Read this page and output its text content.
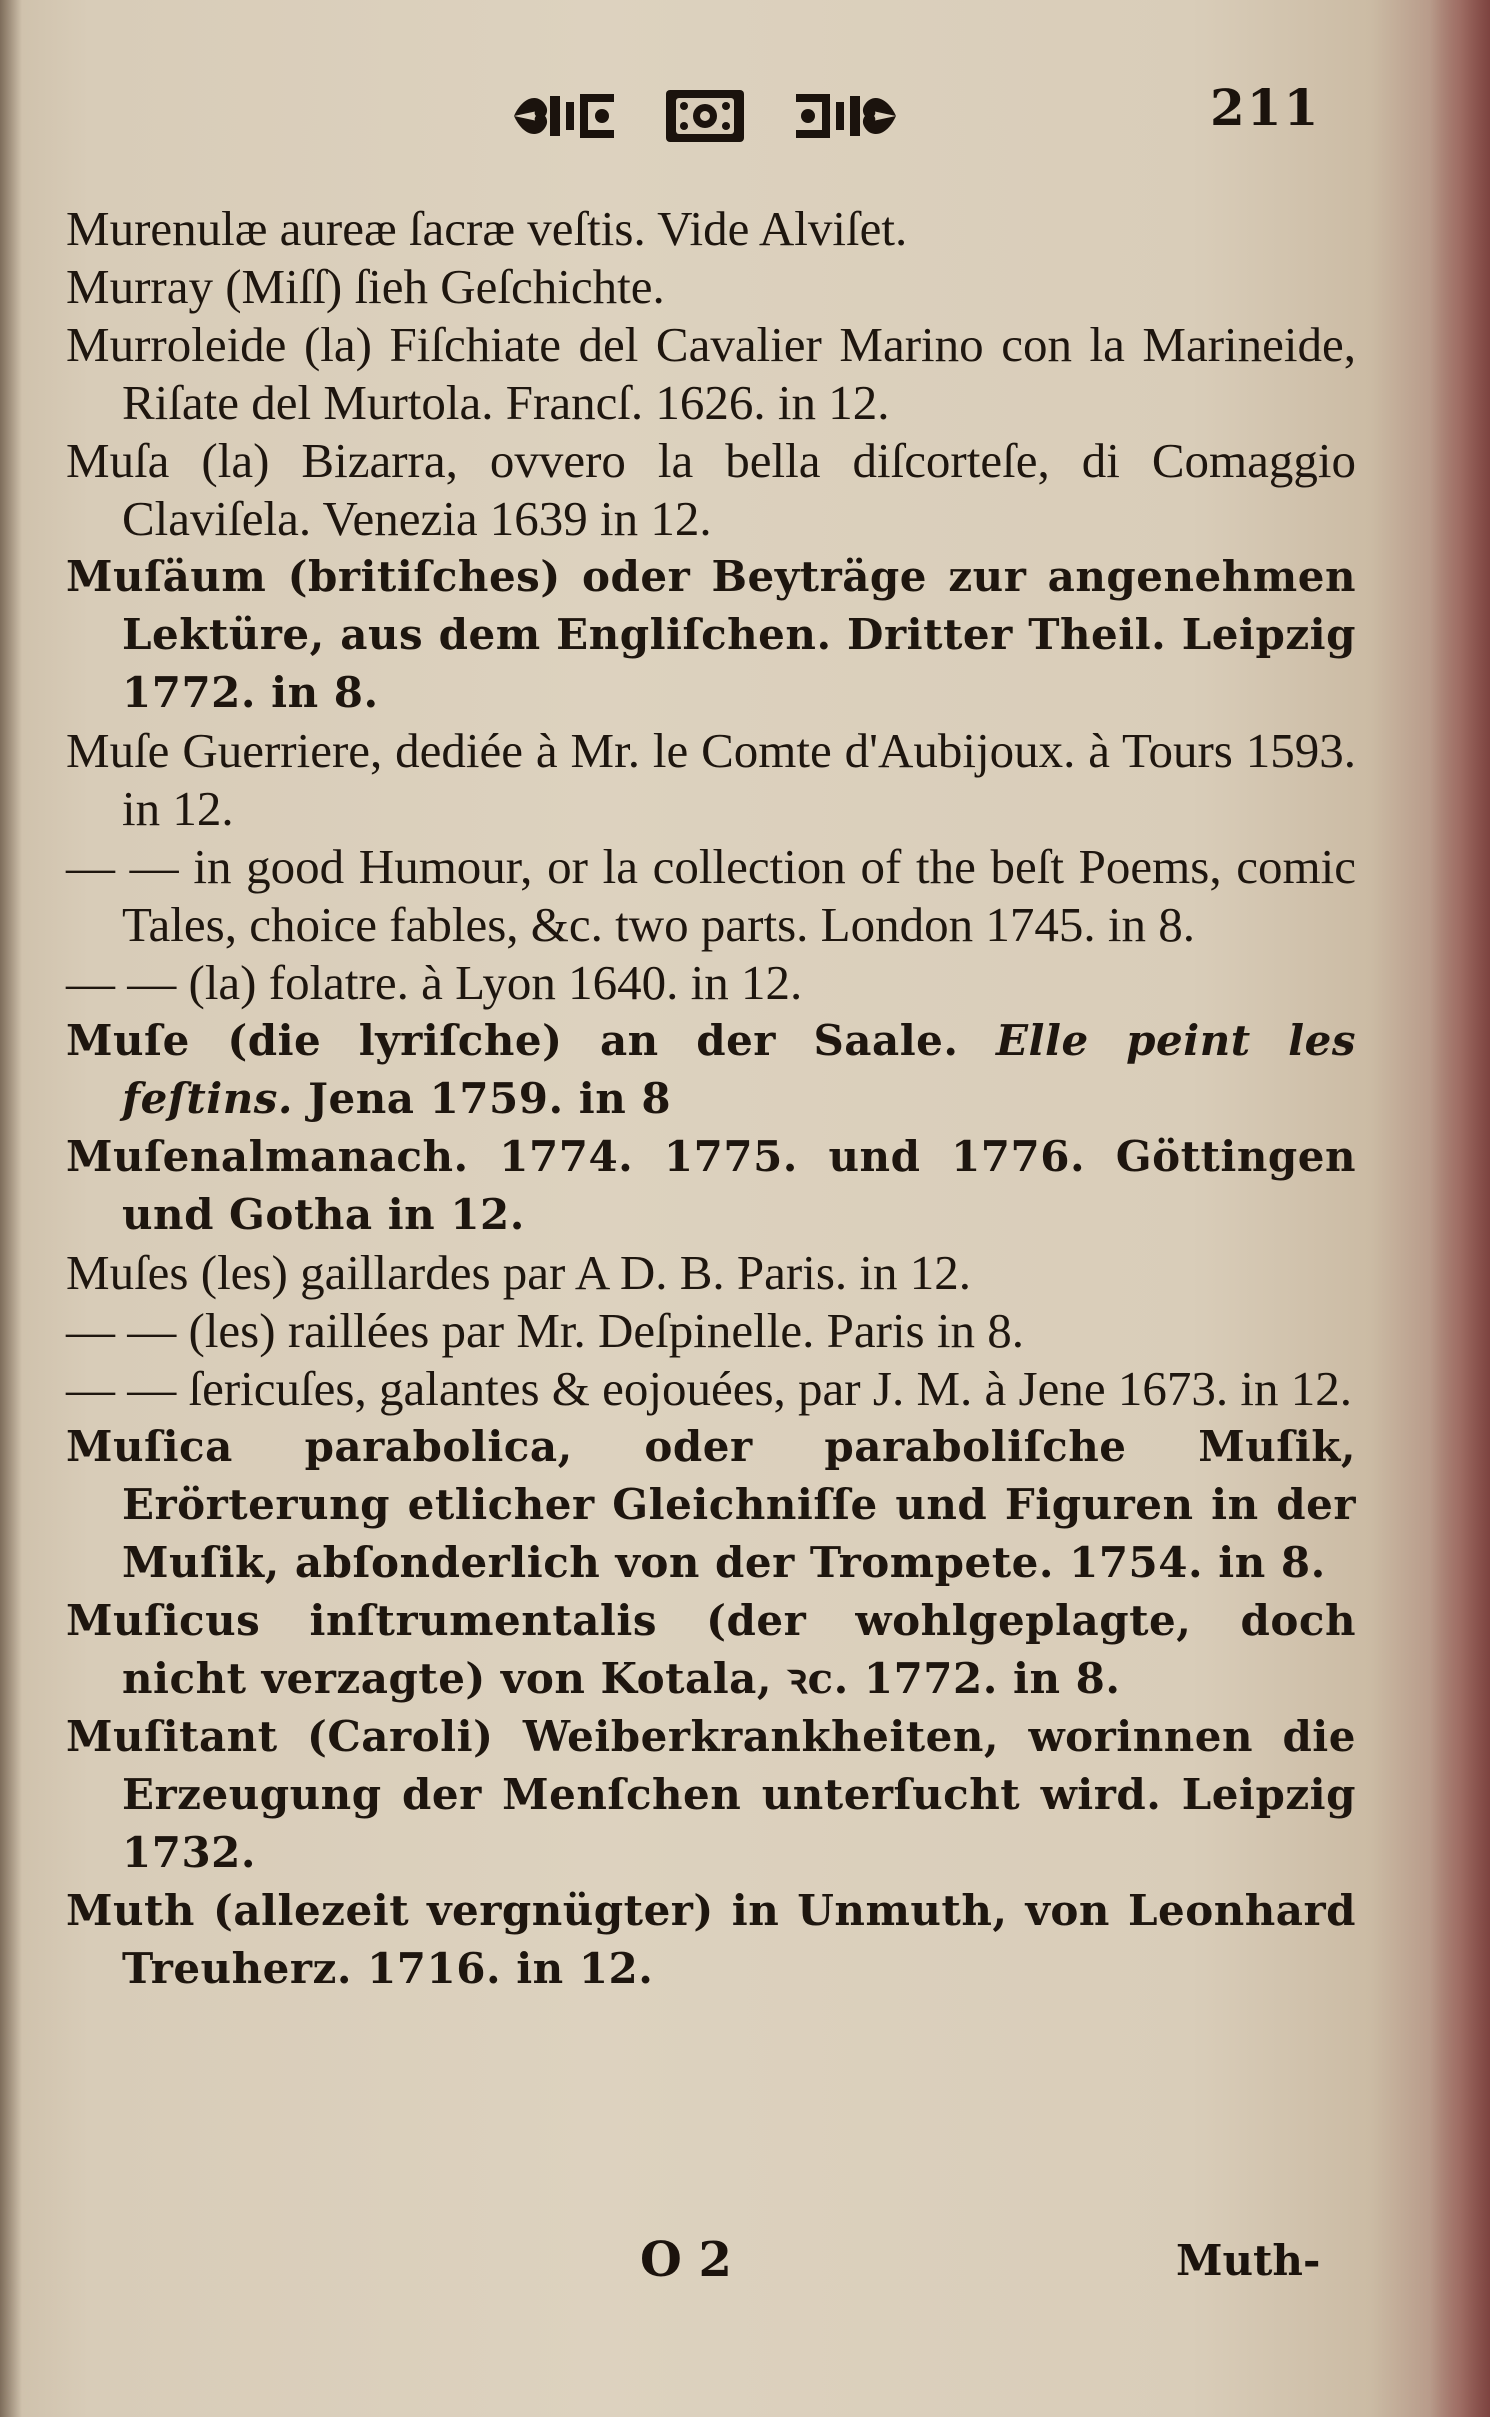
211
Murenulæ aureæ ſacræ veſtis. Vide Alviſet.
Murray (Miſſ) ſieh Geſchichte.
Murroleide (la) Fiſchiate del Cavalier Marino con la Marineide, Riſate del Murtola. Francſ. 1626. in 12.
Muſa (la) Bizarra, ovvero la bella diſcorteſe, di Comaggio Claviſela. Venezia 1639 in 12.
Muſäum (britiſches) oder Beyträge zur angenehmen Lektüre, aus dem Engliſchen. Dritter Theil. Leipzig 1772. in 8.
Muſe Guerriere, dediée à Mr. le Comte d'Aubijoux. à Tours 1593. in 12.
— — in good Humour, or la collection of the beſt Poems, comic Tales, choice fables, &c. two parts. London 1745. in 8.
— — (la) folatre. à Lyon 1640. in 12.
Muſe (die lyriſche) an der Saale. Elle peint les feſtins. Jena 1759. in 8
Muſenalmanach. 1774. 1775. und 1776. Göttingen und Gotha in 12.
Muſes (les) gaillardes par A D. B. Paris. in 12.
— — (les) raillées par Mr. Deſpinelle. Paris in 8.
— — ſericuſes, galantes & eojouées, par J. M. à Jene 1673. in 12.
Muſica parabolica, oder paraboliſche Muſik, Erörterung etlicher Gleichniſſe und Figuren in der Muſik, abſonderlich von der Trompete. 1754. in 8.
Muſicus inſtrumentalis (der wohlgeplagte, doch nicht verzagte) von Kotala, ꝛc. 1772. in 8.
Muſitant (Caroli) Weiberkrankheiten, worinnen die Erzeugung der Menſchen unterſucht wird. Leipzig 1732.
Muth (allezeit vergnügter) in Unmuth, von Leonhard Treuherz. 1716. in 12.
O 2	Muth-
